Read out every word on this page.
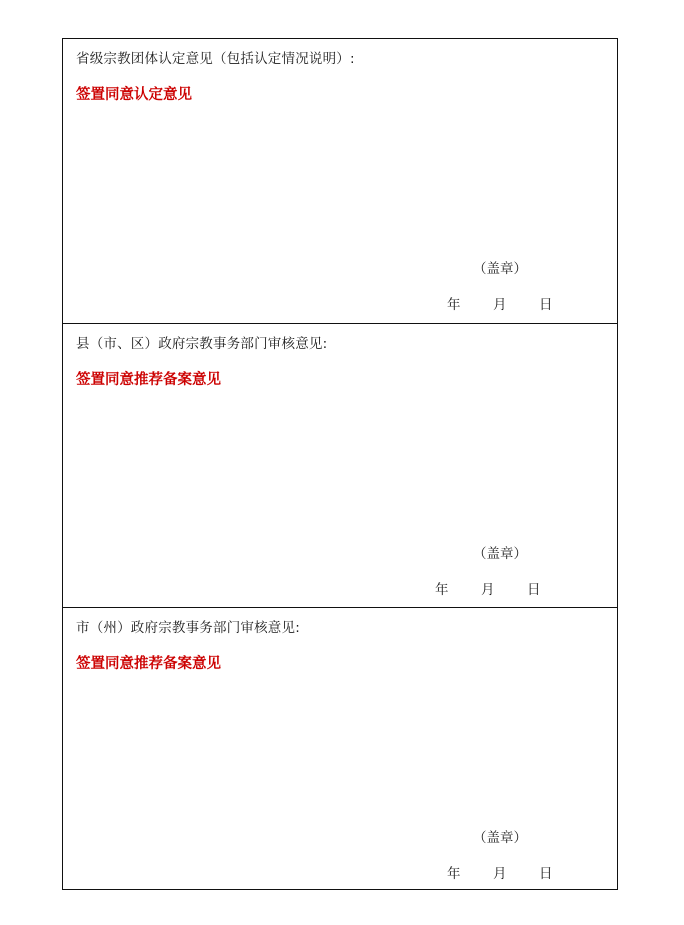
省级宗教团体认定意见（包括认定情况说明）:
签置同意认定意见
（盖章）
年 月 日
县（市、区）政府宗教事务部门审核意见:
签置同意推荐备案意见
（盖章）
年 月 日
市（州）政府宗教事务部门审核意见:
签置同意推荐备案意见
（盖章）
年 月 日
